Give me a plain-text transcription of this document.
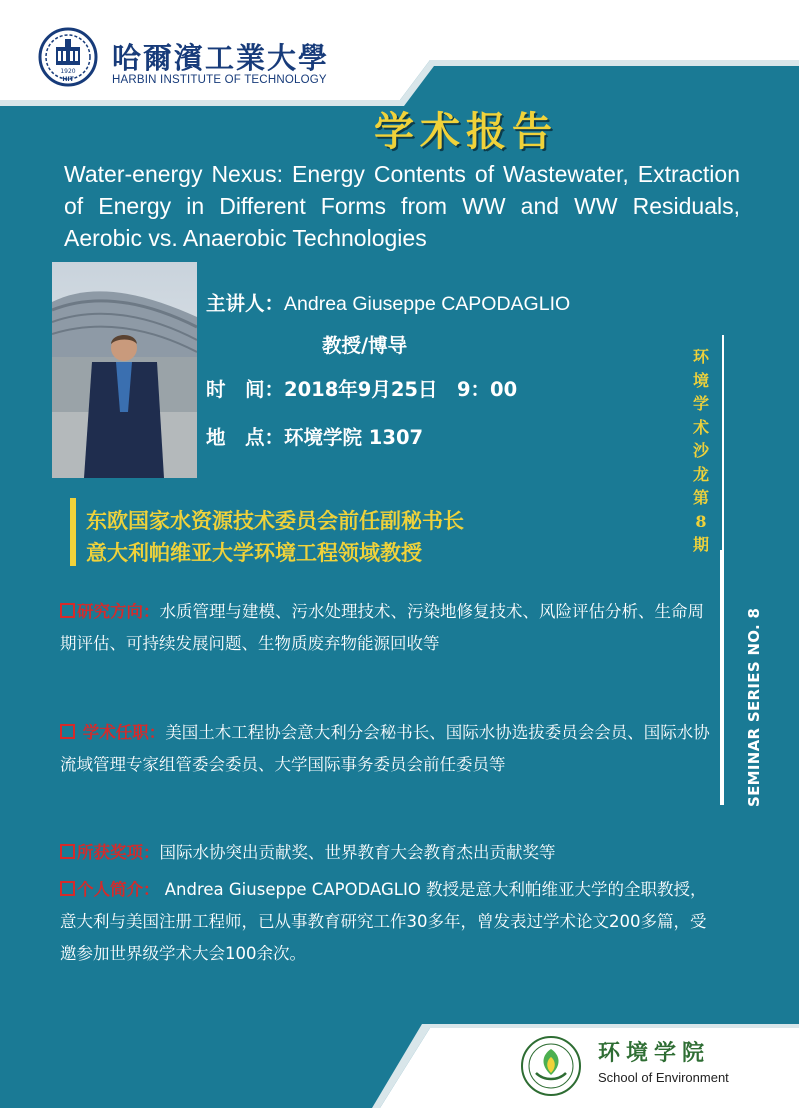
1920
HIT
哈爾濱工業大學
HARBIN INSTITUTE OF TECHNOLOGY
学术报告
Water-energy Nexus: Energy Contents of Wastewater, Extraction of Energy in Different Forms from WW and WW Residuals, Aerobic vs. Anaerobic Technologies
主讲人：Andrea Giuseppe CAPODAGLIO
教授/博导
时　间：2018年9月25日　9：00
地　点：环境学院 1307
环境学术沙龙第8期
SEMINAR SERIES NO. 8
东欧国家水资源技术委员会前任副秘书长
意大利帕维亚大学环境工程领域教授
研究方向：水质管理与建模、污水处理技术、污染地修复技术、风险评估分析、生命周期评估、可持续发展问题、生物质废弃物能源回收等
学术任职：美国土木工程协会意大利分会秘书长、国际水协选拔委员会会员、国际水协流域管理专家组管委会委员、大学国际事务委员会前任委员等
所获奖项：国际水协突出贡献奖、世界教育大会教育杰出贡献奖等
个人简介： Andrea Giuseppe CAPODAGLIO 教授是意大利帕维亚大学的全职教授，意大利与美国注册工程师，已从事教育研究工作30多年，曾发表过学术论文200多篇，受邀参加世界级学术大会100余次。
环境学院
School of Environment
